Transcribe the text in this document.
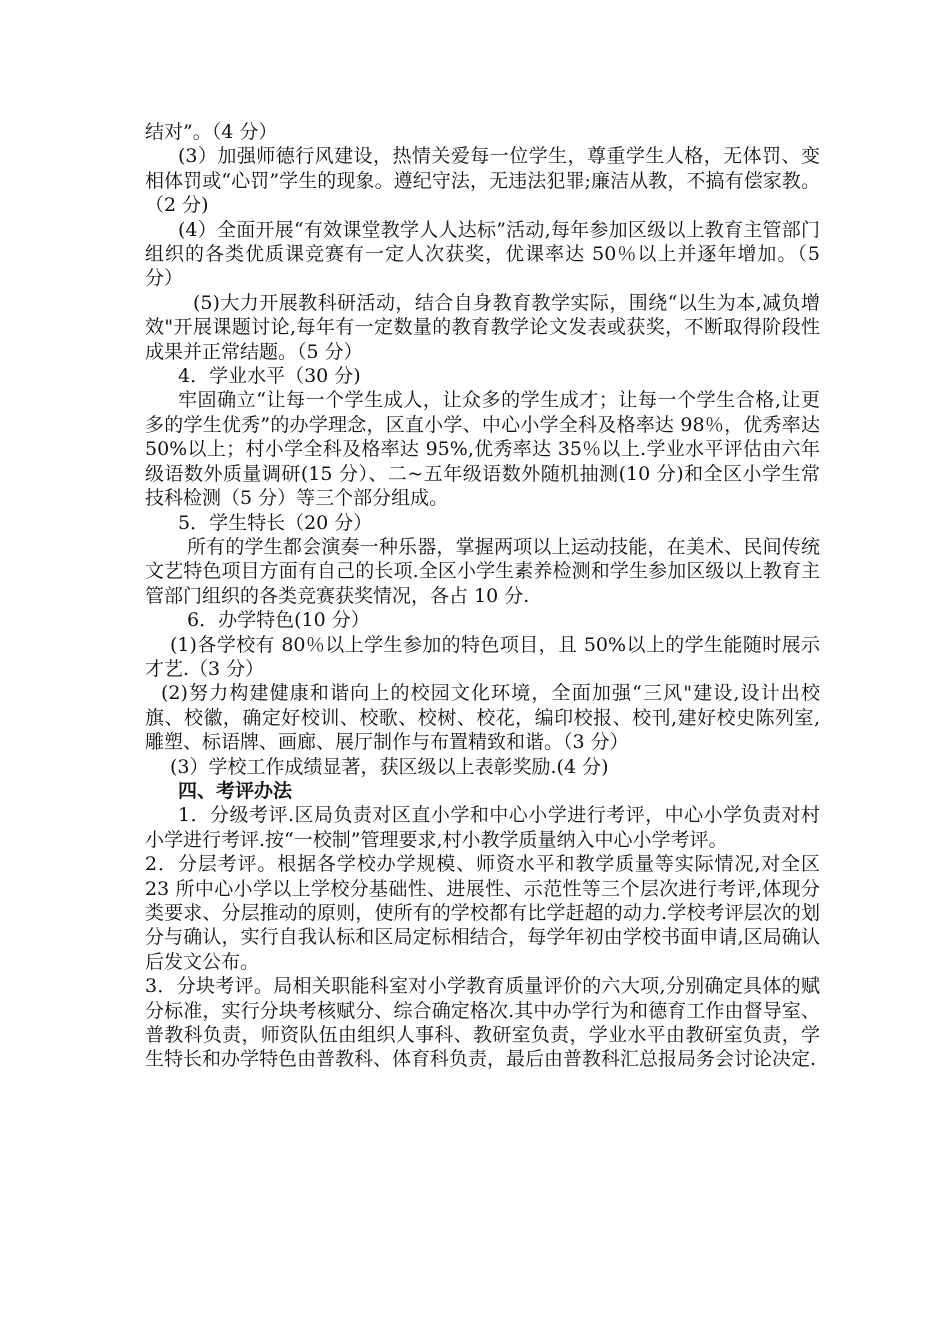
结对”。（4 分）

(3）加强师德行风建设，热情关爱每一位学生，尊重学生人格，无体罚、变相体罚或“心罚”学生的现象。遵纪守法，无违法犯罪;廉洁从教，不搞有偿家教。（2 分)

(4）全面开展“有效课堂教学人人达标”活动,每年参加区级以上教育主管部门组织的各类优质课竞赛有一定人次获奖，优课率达 50％以上并逐年增加。（5 分）

(5)大力开展教科研活动，结合自身教育教学实际，围绕“以生为本,减负增效"开展课题讨论,每年有一定数量的教育教学论文发表或获奖，不断取得阶段性成果并正常结题。（5 分）

4．学业水平（30 分)

牢固确立“让每一个学生成人，让众多的学生成才；让每一个学生合格,让更多的学生优秀”的办学理念，区直小学、中心小学全科及格率达 98％，优秀率达 50%以上；村小学全科及格率达 95%,优秀率达 35％以上.学业水平评估由六年级语数外质量调研(15 分）、二~五年级语数外随机抽测(10 分)和全区小学生常技科检测（5 分）等三个部分组成。

5．学生特长（20 分）

所有的学生都会演奏一种乐器，掌握两项以上运动技能，在美术、民间传统文艺特色项目方面有自己的长项.全区小学生素养检测和学生参加区级以上教育主管部门组织的各类竞赛获奖情况，各占 10 分.

6．办学特色(10 分）

(1)各学校有 80％以上学生参加的特色项目，且 50%以上的学生能随时展示才艺.（3 分）

(2)努力构建健康和谐向上的校园文化环境，全面加强“三风"建设,设计出校旗、校徽，确定好校训、校歌、校树、校花，编印校报、校刊,建好校史陈列室,雕塑、标语牌、画廊、展厅制作与布置精致和谐。（3 分）

(3）学校工作成绩显著，获区级以上表彰奖励.(4 分)

四、考评办法

1．分级考评.区局负责对区直小学和中心小学进行考评，中心小学负责对村小学进行考评.按“一校制”管理要求,村小教学质量纳入中心小学考评。

2．分层考评。根据各学校办学规模、师资水平和教学质量等实际情况,对全区 23 所中心小学以上学校分基础性、进展性、示范性等三个层次进行考评,体现分类要求、分层推动的原则，使所有的学校都有比学赶超的动力.学校考评层次的划分与确认，实行自我认标和区局定标相结合，每学年初由学校书面申请,区局确认后发文公布。

3．分块考评。局相关职能科室对小学教育质量评价的六大项,分别确定具体的赋分标准，实行分块考核赋分、综合确定格次.其中办学行为和德育工作由督导室、普教科负责，师资队伍由组织人事科、教研室负责，学业水平由教研室负责，学生特长和办学特色由普教科、体育科负责，最后由普教科汇总报局务会讨论决定.
